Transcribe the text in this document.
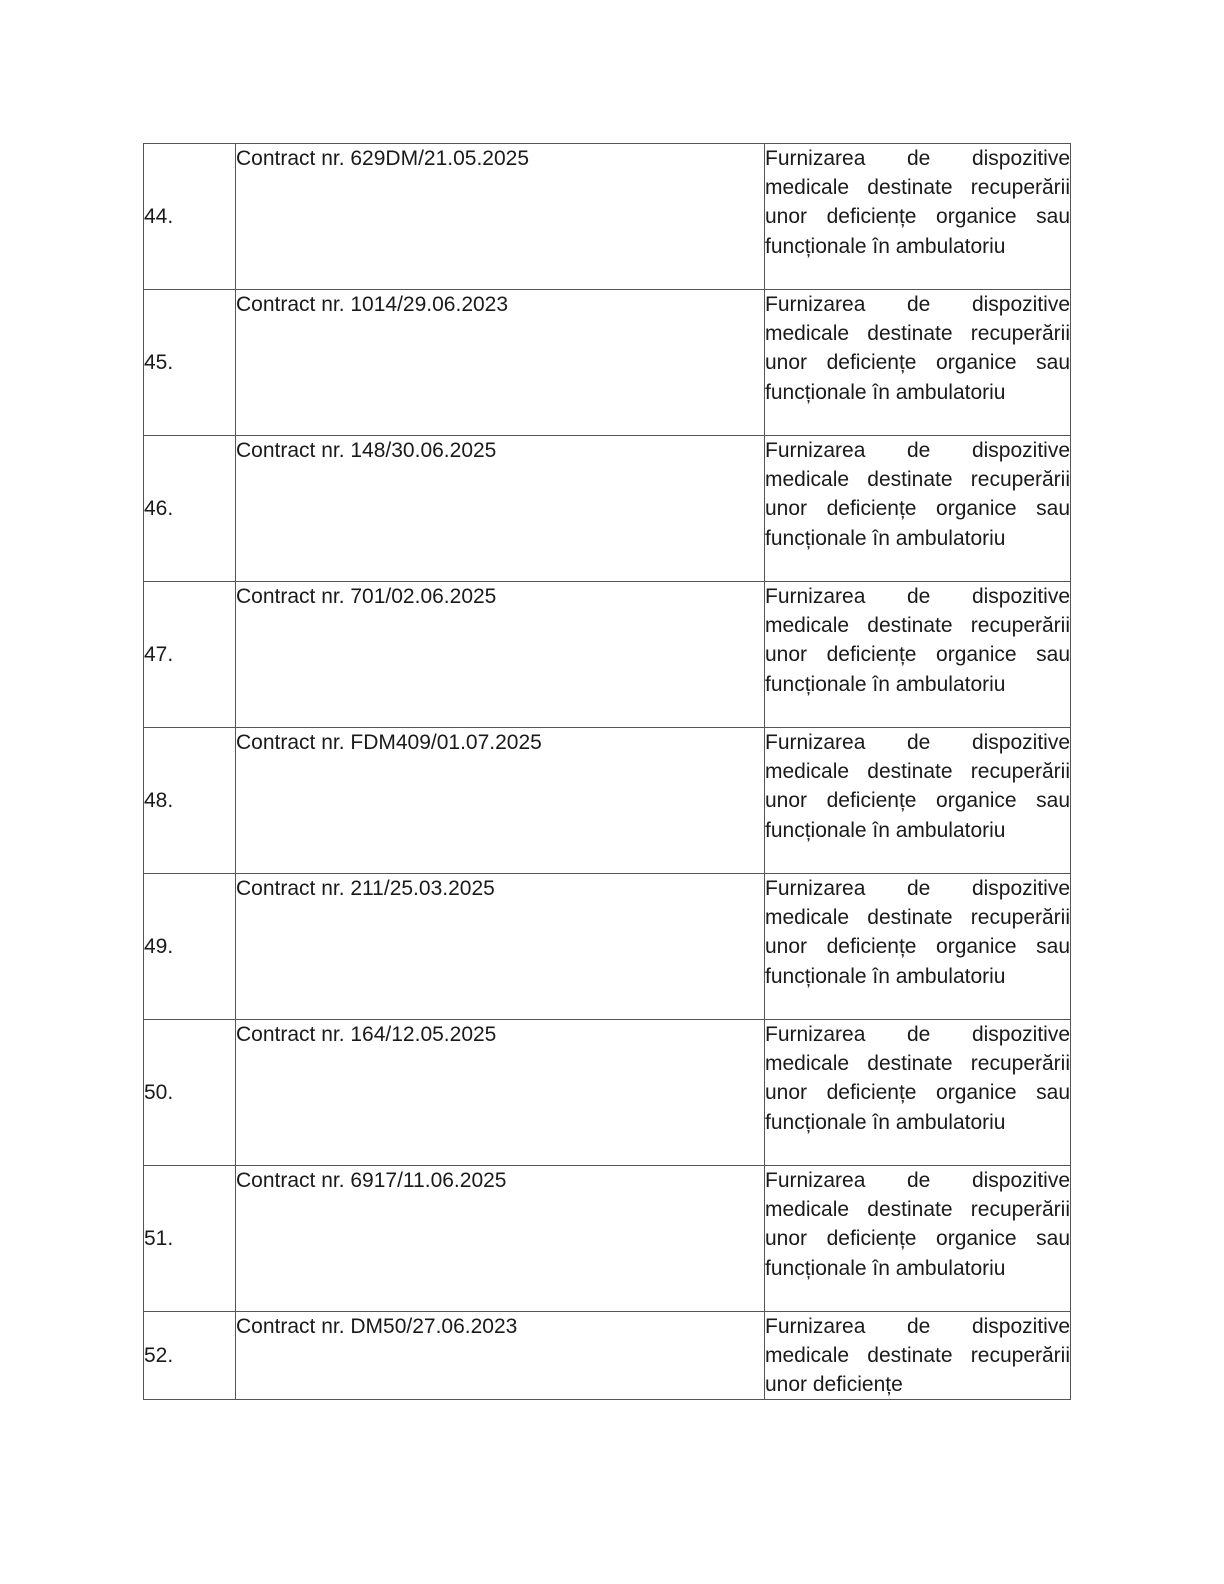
44.	Contract nr. 629DM/21.05.2025	Furnizarea de dispozitive medicale destinate recuperării unor deficiențe organice sau funcționale în ambulatoriu

45.	Contract nr. 1014/29.06.2023	Furnizarea de dispozitive medicale destinate recuperării unor deficiențe organice sau funcționale în ambulatoriu

46.	Contract nr. 148/30.06.2025	Furnizarea de dispozitive medicale destinate recuperării unor deficiențe organice sau funcționale în ambulatoriu

47.	Contract nr. 701/02.06.2025	Furnizarea de dispozitive medicale destinate recuperării unor deficiențe organice sau funcționale în ambulatoriu

48.	Contract nr. FDM409/01.07.2025	Furnizarea de dispozitive medicale destinate recuperării unor deficiențe organice sau funcționale în ambulatoriu

49.	Contract nr. 211/25.03.2025	Furnizarea de dispozitive medicale destinate recuperării unor deficiențe organice sau funcționale în ambulatoriu

50.	Contract nr. 164/12.05.2025	Furnizarea de dispozitive medicale destinate recuperării unor deficiențe organice sau funcționale în ambulatoriu

51.	Contract nr. 6917/11.06.2025	Furnizarea de dispozitive medicale destinate recuperării unor deficiențe organice sau funcționale în ambulatoriu

52.	Contract nr. DM50/27.06.2023	Furnizarea de dispozitive medicale destinate recuperării unor deficiențe
